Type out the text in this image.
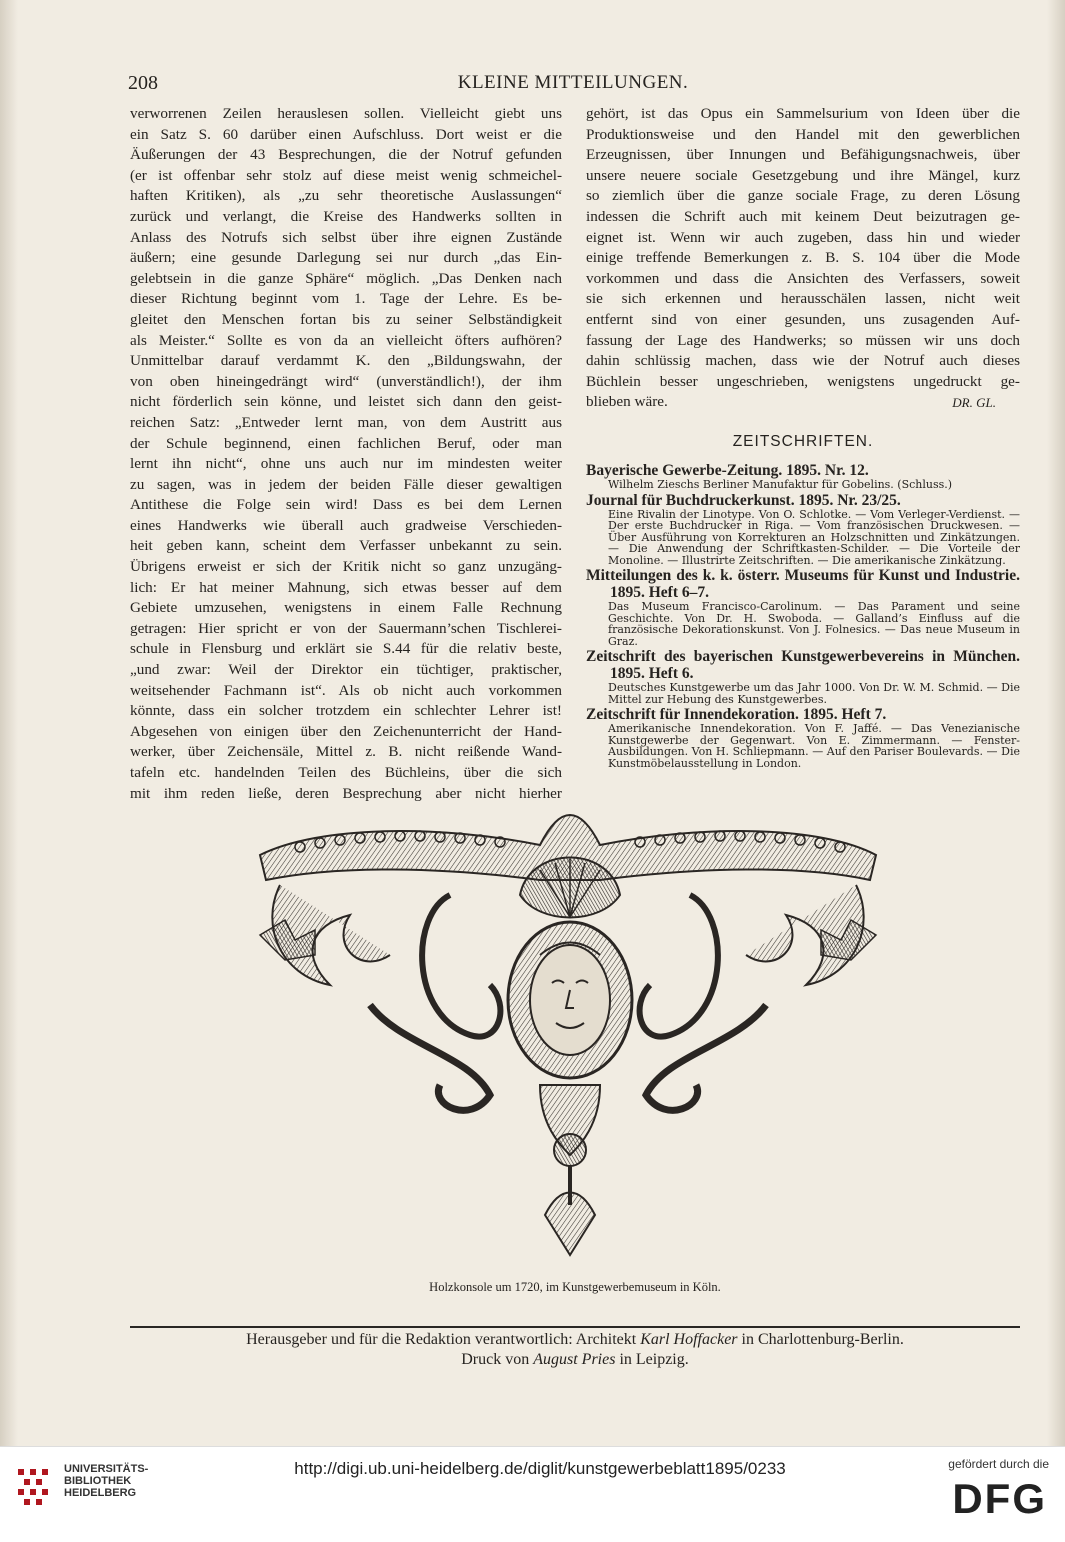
208	KLEINE MITTEILUNGEN.
verworrenen Zeilen herauslesen sollen. Vielleicht giebt uns
ein Satz S. 60 darüber einen Aufschluss. Dort weist er die
Äußerungen der 43 Besprechungen, die der Notruf gefunden
(er ist offenbar sehr stolz auf diese meist wenig schmeichel-
haften Kritiken), als „zu sehr theoretische Auslassungen“
zurück und verlangt, die Kreise des Handwerks sollten in
Anlass des Notrufs sich selbst über ihre eignen Zustände
äußern; eine gesunde Darlegung sei nur durch „das Ein-
gelebtsein in die ganze Sphäre“ möglich. „Das Denken nach
dieser Richtung beginnt vom 1. Tage der Lehre. Es be-
gleitet den Menschen fortan bis zu seiner Selbständigkeit
als Meister.“ Sollte es von da an vielleicht öfters aufhören?
Unmittelbar darauf verdammt K. den „Bildungswahn, der
von oben hineingedrängt wird“ (unverständlich!), der ihm
nicht förderlich sein könne, und leistet sich dann den geist-
reichen Satz: „Entweder lernt man, von dem Austritt aus
der Schule beginnend, einen fachlichen Beruf, oder man
lernt ihn nicht“, ohne uns auch nur im mindesten weiter
zu sagen, was in jedem der beiden Fälle dieser gewaltigen
Antithese die Folge sein wird! Dass es bei dem Lernen
eines Handwerks wie überall auch gradweise Verschieden-
heit geben kann, scheint dem Verfasser unbekannt zu sein.
Übrigens erweist er sich der Kritik nicht so ganz unzugäng-
lich: Er hat meiner Mahnung, sich etwas besser auf dem
Gebiete umzusehen, wenigstens in einem Falle Rechnung
getragen: Hier spricht er von der Sauermann’schen Tischlerei-
schule in Flensburg und erklärt sie S.44 für die relativ beste,
„und zwar: Weil der Direktor ein tüchtiger, praktischer,
weitsehender Fachmann ist“. Als ob nicht auch vorkommen
könnte, dass ein solcher trotzdem ein schlechter Lehrer ist!
Abgesehen von einigen über den Zeichenunterricht der Hand-
werker, über Zeichensäle, Mittel z. B. nicht reißende Wand-
tafeln etc. handelnden Teilen des Büchleins, über die sich
mit ihm reden ließe, deren Besprechung aber nicht hierher
gehört, ist das Opus ein Sammelsurium von Ideen über die
Produktionsweise und den Handel mit den gewerblichen
Erzeugnissen, über Innungen und Befähigungsnachweis, über
unsere neuere sociale Gesetzgebung und ihre Mängel, kurz
so ziemlich über die ganze sociale Frage, zu deren Lösung
indessen die Schrift auch mit keinem Deut beizutragen ge-
eignet ist. Wenn wir auch zugeben, dass hin und wieder
einige treffende Bemerkungen z. B. S. 104 über die Mode
vorkommen und dass die Ansichten des Verfassers, soweit
sie sich erkennen und herausschälen lassen, nicht weit
entfernt sind von einer gesunden, uns zusagenden Auf-
fassung der Lage des Handwerks; so müssen wir uns doch
dahin schlüssig machen, dass wie der Notruf auch dieses
Büchlein besser ungeschrieben, wenigstens ungedruckt ge-
blieben wäre.	DR. GL.
ZEITSCHRIFTEN.
Bayerische Gewerbe-Zeitung. 1895. Nr. 12.
Wilhelm Zieschs Berliner Manufaktur für Gobelins. (Schluss.)
Journal für Buchdruckerkunst. 1895. Nr. 23/25.
Eine Rivalin der Linotype. Von O. Schlotke. — Vom Verleger-Verdienst. —Der erste Buchdrucker in Riga. — Vom französischen Druckwesen. — Über Ausführung von Korrekturen an Holzschnitten und Zinkätzungen. — Die Anwendung der Schriftkasten-Schilder. — Die Vorteile der Monoline. — Illustrirte Zeitschriften. — Die amerikanische Zinkätzung.
Mitteilungen des k. k. österr. Museums für Kunst und Industrie. 1895. Heft 6–7.
Das Museum Francisco-Carolinum. — Das Parament und seine Geschichte. Von Dr. H. Swoboda. — Galland’s Einfluss auf die französische Dekorationskunst. Von J. Folnesics. — Das neue Museum in Graz.
Zeitschrift des bayerischen Kunstgewerbevereins in München. 1895. Heft 6.
Deutsches Kunstgewerbe um das Jahr 1000. Von Dr. W. M. Schmid. — Die Mittel zur Hebung des Kunstgewerbes.
Zeitschrift für Innendekoration. 1895. Heft 7.
Amerikanische Innendekoration. Von F. Jaffé. — Das Venezianische Kunstgewerbe der Gegenwart. Von E. Zimmermann. — Fenster-Ausbildungen. Von H. Schliepmann. — Auf den Pariser Boulevards. — Die Kunstmöbelausstellung in London.
Holzkonsole um 1720, im Kunstgewerbemuseum in Köln.
Herausgeber und für die Redaktion verantwortlich: Architekt Karl Hoffacker in Charlottenburg-Berlin.
Druck von August Pries in Leipzig.
UNIVERSITÄTS-
BIBLIOTHEK
HEIDELBERG
http://digi.ub.uni-heidelberg.de/diglit/kunstgewerbeblatt1895/0233	gefördert durch die
DFG
